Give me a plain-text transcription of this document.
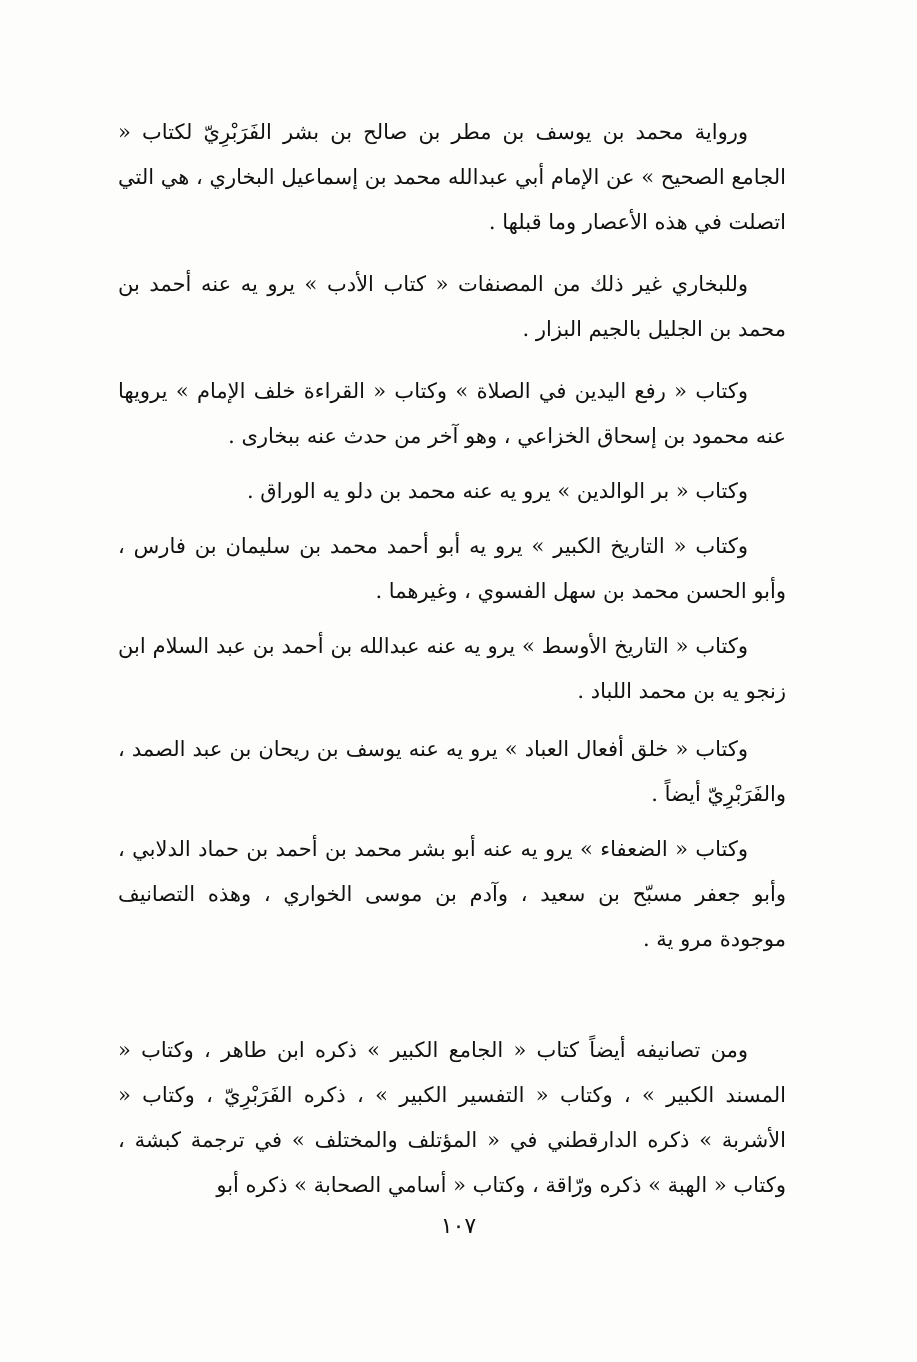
ورواية محمد بن يوسف بن مطر بن صالح بن بشر الفَرَبْرِيّ لكتاب « الجامع الصحيح » عن الإمام أبي عبدالله محمد بن إسماعيل البخاري ، هي التي اتصلت في هذه الأعصار وما قبلها .

وللبخاري غير ذلك من المصنفات « كتاب الأدب » يرو يه عنه أحمد بن محمد بن الجليل بالجيم البزار .

وكتاب « رفع اليدين في الصلاة » وكتاب « القراءة خلف الإمام » يرويها عنه محمود بن إسحاق الخزاعي ، وهو آخر من حدث عنه ببخارى .

وكتاب « بر الوالدين » يرو يه عنه محمد بن دلو يه الوراق .

وكتاب « التاريخ الكبير » يرو يه أبو أحمد محمد بن سليمان بن فارس ، وأبو الحسن محمد بن سهل الفسوي ، وغيرهما .

وكتاب « التاريخ الأوسط » يرو يه عنه عبدالله بن أحمد بن عبد السلام ابن زنجو يه بن محمد اللباد .

وكتاب « خلق أفعال العباد » يرو يه عنه يوسف بن ريحان بن عبد الصمد ، والفَرَبْرِيّ أيضاً .

وكتاب « الضعفاء » يرو يه عنه أبو بشر محمد بن أحمد بن حماد الدلابي ، وأبو جعفر مسبّح بن سعيد ، وآدم بن موسى الخواري ، وهذه التصانيف موجودة مرو ية .

ومن تصانيفه أيضاً كتاب « الجامع الكبير » ذكره ابن طاهر ، وكتاب « المسند الكبير » ، وكتاب « التفسير الكبير » ، ذكره الفَرَبْرِيّ ، وكتاب « الأشربة » ذكره الدارقطني في « المؤتلف والمختلف » في ترجمة كبشة ، وكتاب « الهبة » ذكره ورّاقة ، وكتاب « أسامي الصحابة » ذكره أبو

١٠٧
